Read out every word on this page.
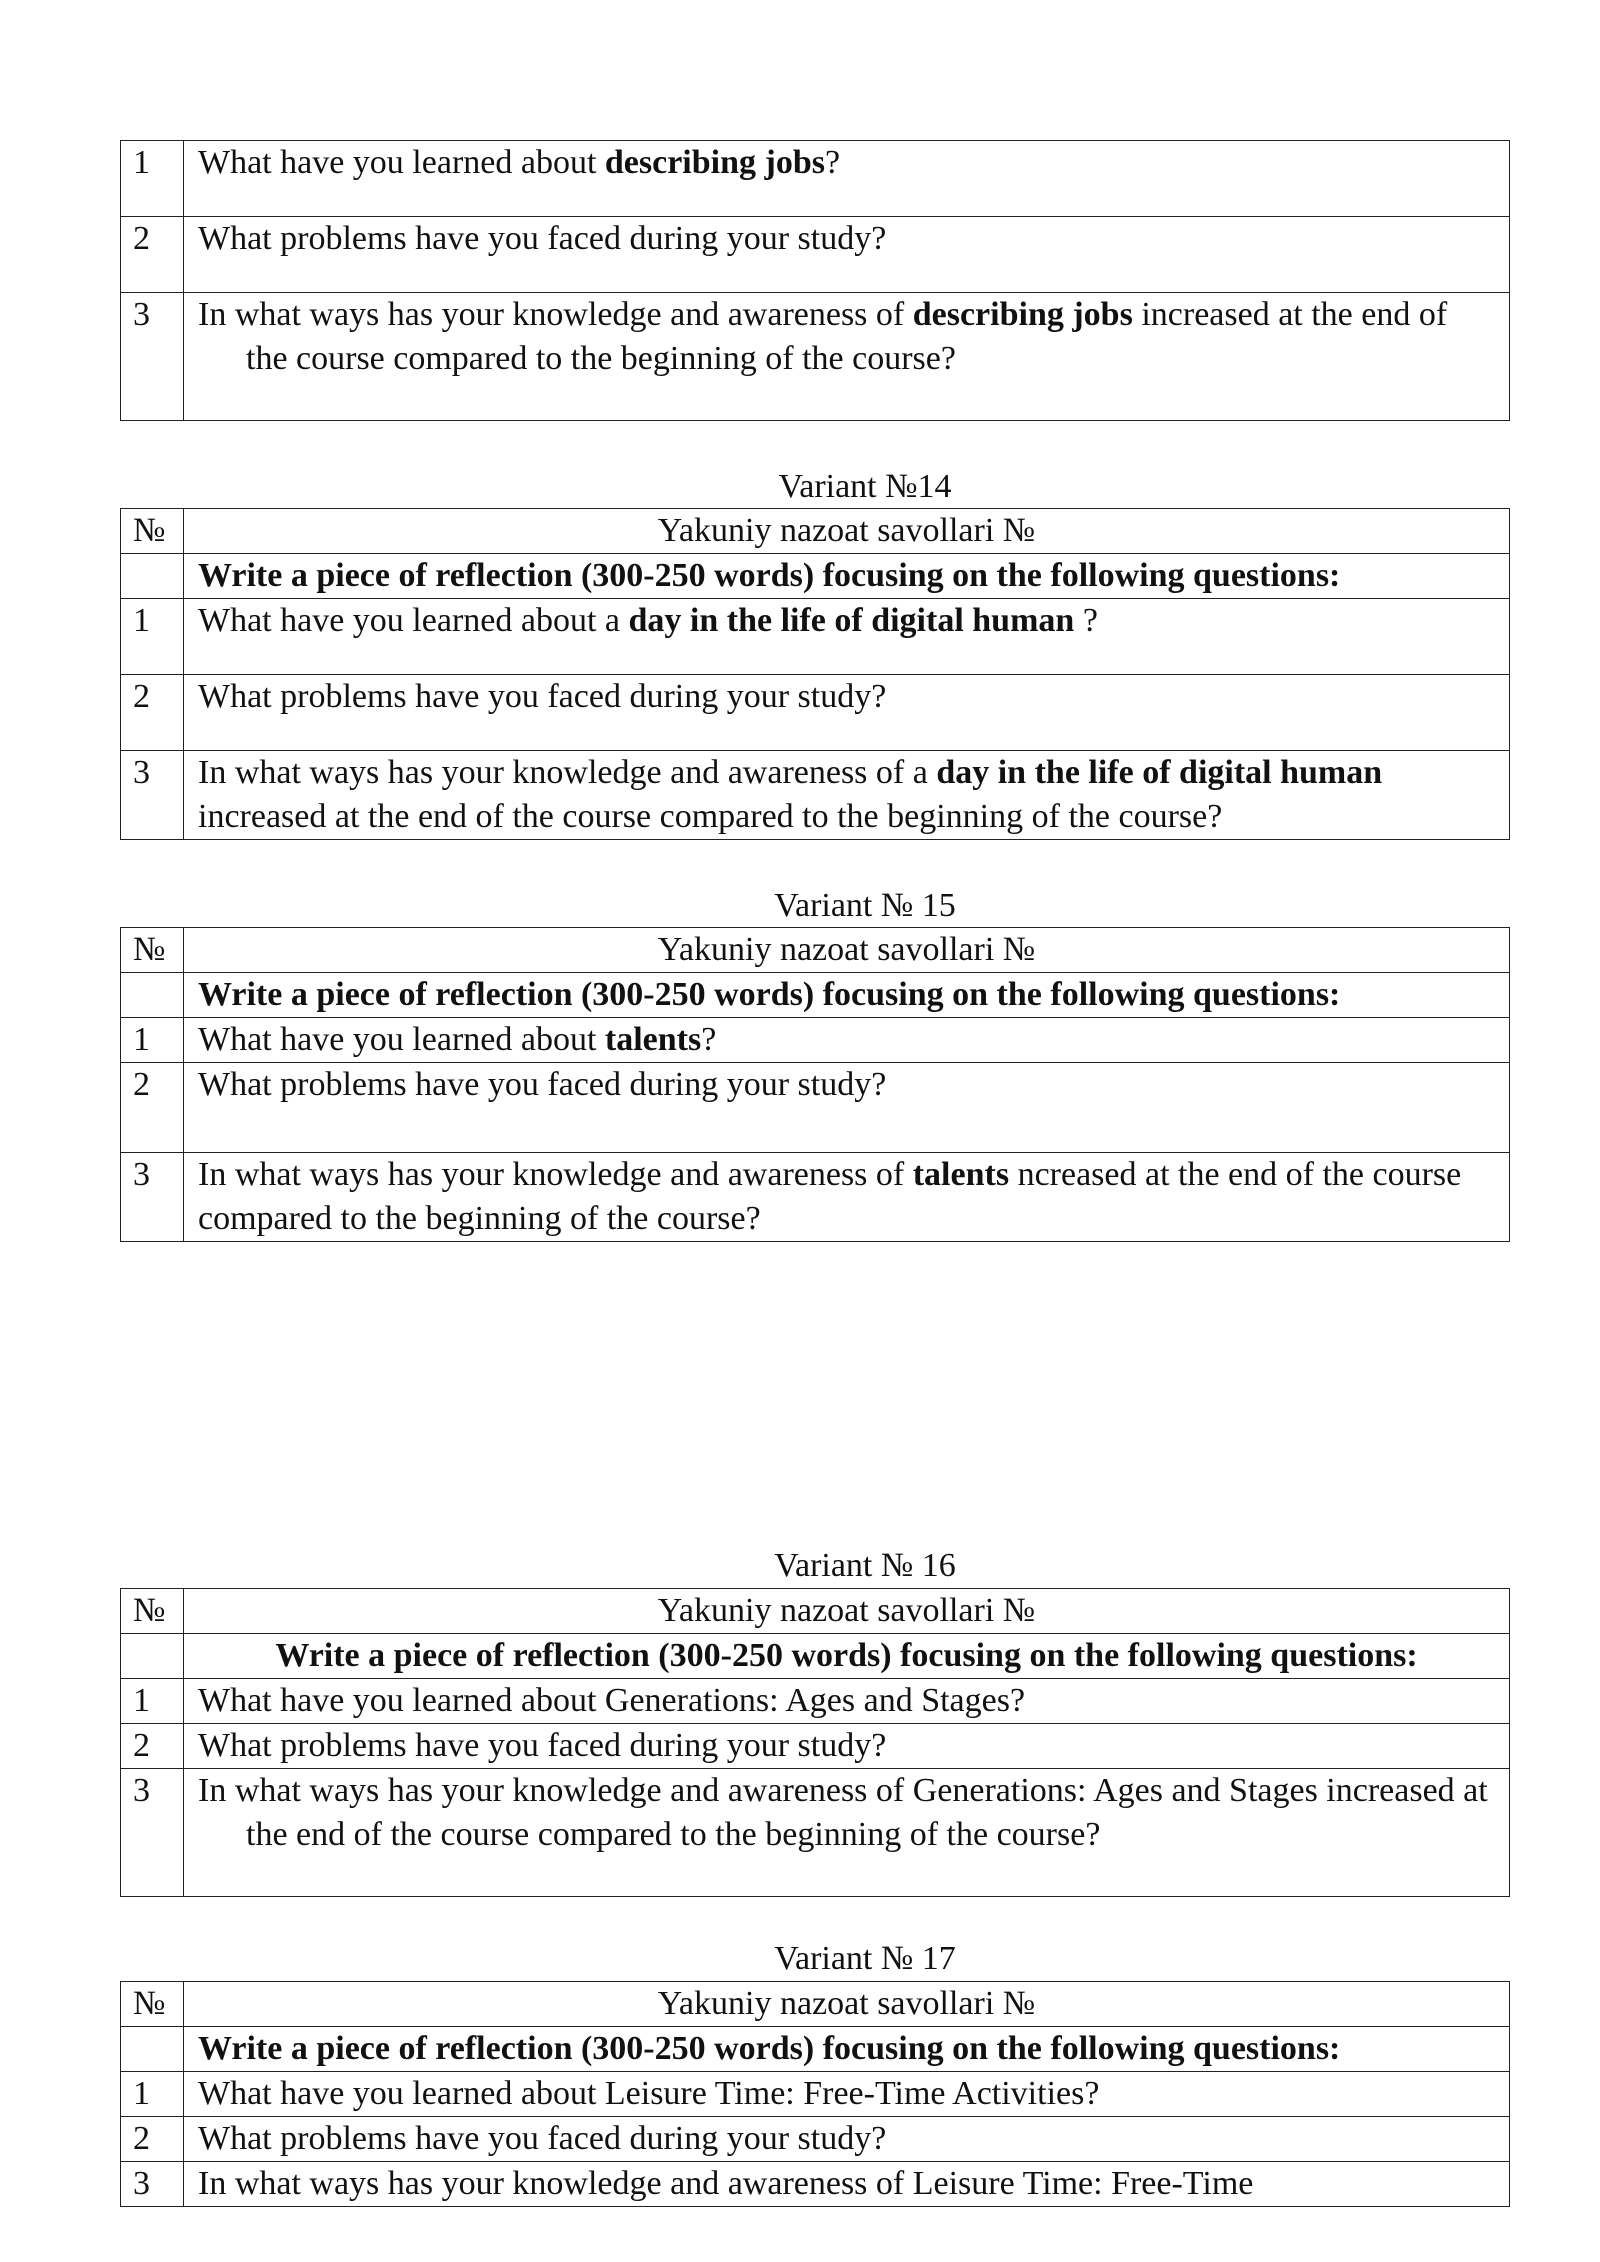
1	What have you learned about describing jobs?
2	What problems have you faced during your study?
3	In what ways has your knowledge and awareness of describing jobs increased at the end of the course compared to the beginning of the course?
Variant №14
№	Yakuniy nazoat savollari №
	Write a piece of reflection (300-250 words) focusing on the following questions:
1	What have you learned about a day in the life of digital human ?
2	What problems have you faced during your study?
3	In what ways has your knowledge and awareness of a day in the life of digital human increased at the end of the course compared to the beginning of the course?
Variant № 15
№	Yakuniy nazoat savollari №
	Write a piece of reflection (300-250 words) focusing on the following questions:
1	What have you learned about talents?
2	What problems have you faced during your study?
3	In what ways has your knowledge and awareness of talents ncreased at the end of the course compared to the beginning of the course?
Variant № 16
№	Yakuniy nazoat savollari №
	Write a piece of reflection (300-250 words) focusing on the following questions:
1	What have you learned about Generations: Ages and Stages?
2	What problems have you faced during your study?
3	In what ways has your knowledge and awareness of Generations: Ages and Stages increased at the end of the course compared to the beginning of the course?
Variant № 17
№	Yakuniy nazoat savollari №
	Write a piece of reflection (300-250 words) focusing on the following questions:
1	What have you learned about Leisure Time: Free-Time Activities?
2	What problems have you faced during your study?
3	In what ways has your knowledge and awareness of Leisure Time: Free-Time
